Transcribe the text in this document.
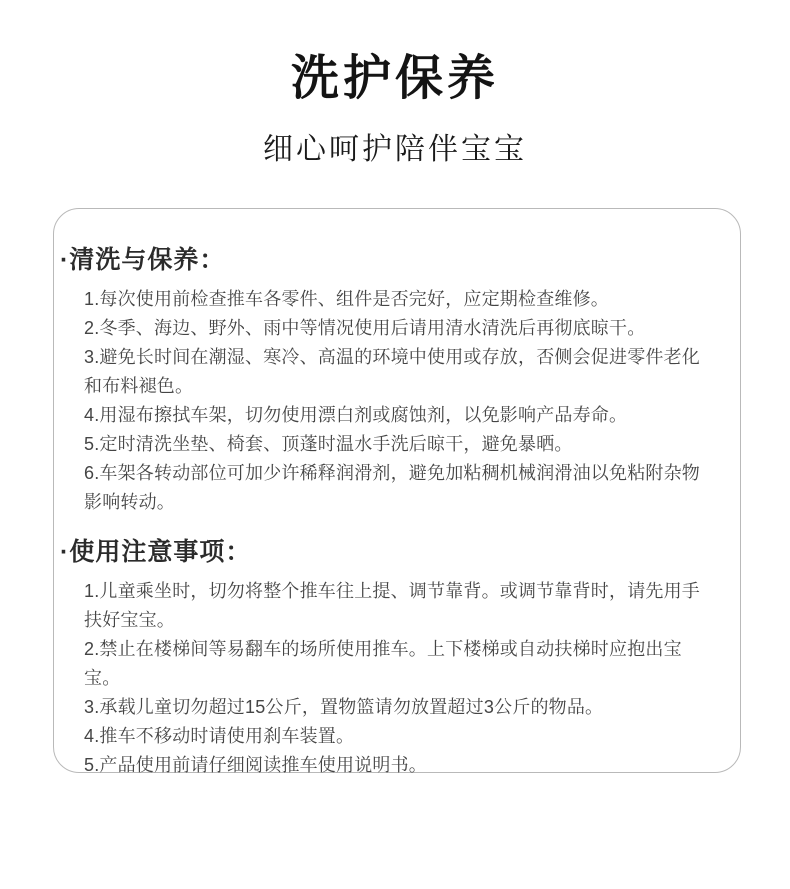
洗护保养
细心呵护陪伴宝宝
·清洗与保养：
1.每次使用前检查推车各零件、组件是否完好，应定期检查维修。
2.冬季、海边、野外、雨中等情况使用后请用清水清洗后再彻底晾干。
3.避免长时间在潮湿、寒冷、高温的环境中使用或存放，否侧会促进零件老化和布料褪色。
4.用湿布擦拭车架，切勿使用漂白剂或腐蚀剂，以免影响产品寿命。
5.定时清洗坐垫、椅套、顶蓬时温水手洗后晾干，避免暴晒。
6.车架各转动部位可加少许稀释润滑剂，避免加粘稠机械润滑油以免粘附杂物影响转动。
·使用注意事项：
1.儿童乘坐时，切勿将整个推车往上提、调节靠背。或调节靠背时，请先用手扶好宝宝。
2.禁止在楼梯间等易翻车的场所使用推车。上下楼梯或自动扶梯时应抱出宝宝。
3.承载儿童切勿超过15公斤，置物篮请勿放置超过3公斤的物品。
4.推车不移动时请使用刹车装置。
5.产品使用前请仔细阅读推车使用说明书。
